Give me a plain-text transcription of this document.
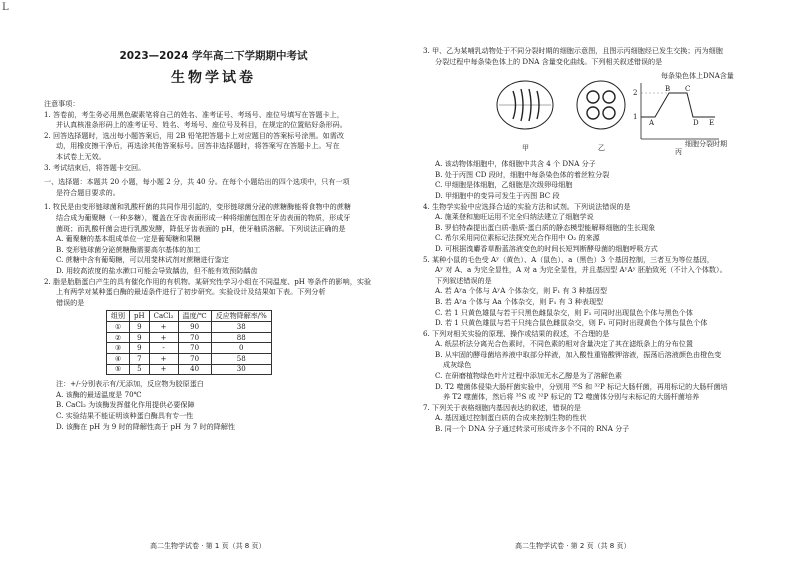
L
2023—2024 学年高二下学期期中考试
生物学试卷
注意事项：
1. 答卷前，考生务必用黑色碳素笔将自己的姓名、准考证号、考场号、座位号填写在答题卡上，
并认真核准条形码上的准考证号、姓名、考场号、座位号及科目，在规定的位置贴好条形码。
2. 回答选择题时，选出每小题答案后，用 2B 铅笔把答题卡上对应题目的答案标号涂黑。如需改
动，用橡皮擦干净后，再选涂其他答案标号。回答非选择题时，将答案写在答题卡上。写在
本试卷上无效。
3. 考试结束后，将答题卡交回。
一、选择题：本题共 20 小题，每小题 2 分，共 40 分。在每个小题给出的四个选项中，只有一项
是符合题目要求的。
1. 牧民是由变形链球菌和乳酸杆菌的共同作用引起的，变形链球菌分泌的蔗糖酶能将食物中的蔗糖
结合成为葡聚糖（一种多糖），覆盖在牙齿表面形成一种将细菌包围在牙齿表面的物质，形成牙
菌斑；而乳酸杆菌会进行乳酸发酵，降低牙齿表面的 pH，使牙釉质溶解。下列说法正确的是
A. 葡聚糖的基本组成单位一定是葡萄糖和果糖
B. 变形链球菌分泌蔗糖酶需要高尔基体的加工
C. 蔗糖中含有葡萄糖，可以用斐林试剂对蔗糖进行鉴定
D. 用较高浓度的盐水漱口可能会导致龋齿，但不能有效预防龋齿
2. 脂是胎脂蛋白产生的具有催化作用的有机物。某研究性学习小组在不同温度、pH 等条件的影响，实验
上有两学对某种蛋白酶的最适条件进行了初步研究。实验设计及结果如下表。下列分析
错误的是
组别	pH	CaCl₂	温度/℃	反应物降解率/%
①	9	+	90	38
②	9	+	70	88
③	9	-	70	0
④	7	+	70	58
⑤	5	+	40	30
注：+/-分别表示有/无添加，反应物为胶原蛋白
A. 该酶的最适温度是 70℃
B. CaCl₂ 为该酶发挥催化作用提供必要保障
C. 实验结果不能证明该种蛋白酶具有专一性
D. 该酶在 pH 为 9 时的降解性高于 pH 为 7 时的降解性
高二生物学试卷 · 第 1 页（共 8 页）
3. 甲、乙为某哺乳动物处于不同分裂时期的细胞示意图，且图示丙细胞经已发生交换；丙为细胞
分裂过程中每条染色体上的 DNA 含量变化曲线。下列相关叙述错误的是
每条染色体上DNA含量
2
1
A
B C
D E
细胞分裂时期
甲	乙	丙
A. 该动物体细胞中，体细胞中共含 4 个 DNA 分子
B. 处于丙图 CD 段时，细胞中每条染色体的着丝粒分裂
C. 甲细胞是体细胞，乙细胞是次级卵母细胞
D. 甲细胞中的变异可发生于丙图 BC 段
4. 生物学实验中应选择合适的实验方法和试剂。下列说法错误的是
A. 施莱登和施旺运用不完全归纳法建立了细胞学说
B. 罗伯特森提出蛋白质-脂质-蛋白质的静态模型能解释细胞的生长现象
C. 希尔采用同位素标记法探究光合作用中 O₂ 的来源
D. 可根据溴麝香草酚蓝溶液变色的时间长短判断酵母菌的细胞呼吸方式
5. 某种小鼠的毛色受 Aʸ（黄色）、A（鼠色）、a（黑色）3 个基因控制，三者互为等位基因，
Aʸ 对 A、a 为完全显性，A 对 a 为完全显性，并且基因型 AʸAʸ 胚胎致死（不计入个体数）。
下列叙述错误的是
A. 若 Aʸa 个体与 AʸA 个体杂交，则 F₁ 有 3 种基因型
B. 若 Aʸa 个体与 Aa 个体杂交，则 F₁ 有 3 种表现型
C. 若 1 只黄色雄鼠与若干只黑色雌鼠杂交，则 F₁ 可同时出现鼠色个体与黑色个体
D. 若 1 只黄色雄鼠与若干只纯合鼠色雌鼠杂交，则 F₁ 可同时出现黄色个体与鼠色个体
6. 下列对相关实验的原理、操作或结果的叙述，不合理的是
A. 纸层析法分离光合色素时，不同色素的相对含量决定了其在滤纸条上的分布位置
B. 从牢固的酵母菌培养液中取部分样液，加入酸性重铬酸钾溶液，振荡后溶液颜色由橙色变
成灰绿色
C. 在研磨植物绿色叶片过程中添加无水乙醇是为了溶解色素
D. T2 噬菌体侵染大肠杆菌实验中，分别用 ³⁵S 和 ³²P 标记大肠杆菌，再用标记的大肠杆菌培
养 T2 噬菌体，然后将 ³⁵S 或 ³²P 标记的 T2 噬菌体分别与未标记的大肠杆菌培养
7. 下列关于表格细胞内基因表达的叙述，错误的是
A. 基因通过控制蛋白质的合成来控制生物的性状
B. 同一个 DNA 分子通过转录可形成许多个不同的 RNA 分子
高二生物学试卷 · 第 2 页（共 8 页）
